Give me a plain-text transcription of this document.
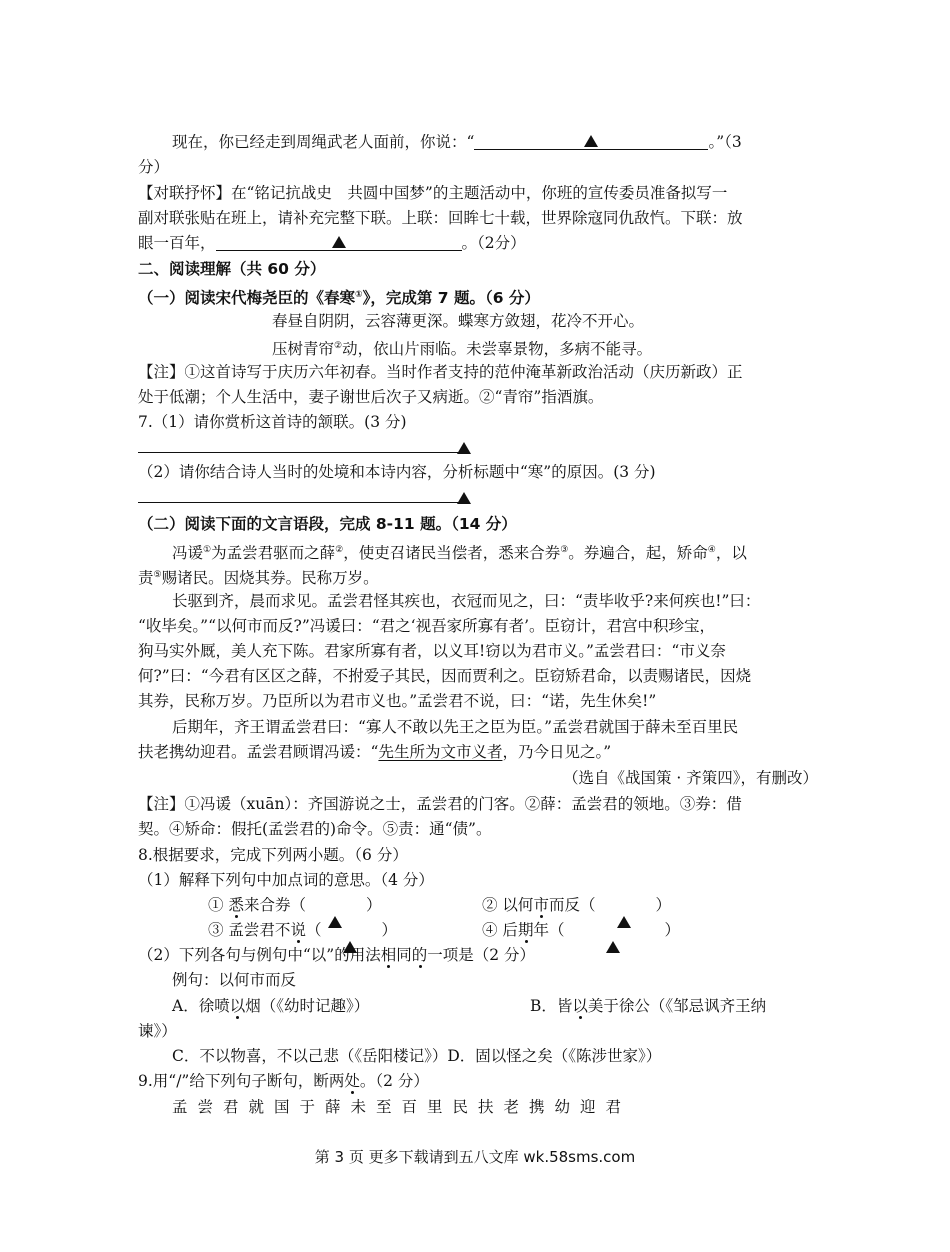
现在，你已经走到周绳武老人面前，你说：“	。”（3
分）
【对联抒怀】在“铭记抗战史　共圆中国梦”的主题活动中，你班的宣传委员准备拟写一
副对联张贴在班上，请补充完整下联。上联：回眸七十载，世界除寇同仇敌忾。下联：放
眼一百年，	。（2分）
二、阅读理解（共 60 分）
（一）阅读宋代梅尧臣的《春寒①》，完成第 7 题。（6 分）
春昼自阴阴，云容薄更深。蝶寒方敛翅，花冷不开心。
压树青帘②动，依山片雨临。未尝辜景物，多病不能寻。
【注】①这首诗写于庆历六年初春。当时作者支持的范仲淹革新政治活动（庆历新政）正
处于低潮；个人生活中，妻子谢世后次子又病逝。②“青帘”指酒旗。
7.（1）请你赏析这首诗的颔联。(3 分)
（2）请你结合诗人当时的处境和本诗内容，分析标题中“寒”的原因。(3 分)
（二）阅读下面的文言语段，完成 8-11 题。（14 分）
冯谖①为孟尝君驱而之薛②，使吏召诸民当偿者，悉来合券③。券遍合，起，矫命④，以
责⑤赐诸民。因烧其券。民称万岁。
长驱到齐，晨而求见。孟尝君怪其疾也，衣冠而见之，曰：“责毕收乎?来何疾也!”曰：
“收毕矣。”“以何市而反?”冯谖曰：“君之‘视吾家所寡有者’。臣窃计，君宫中积珍宝，
狗马实外厩，美人充下陈。君家所寡有者，以义耳!窃以为君市义。”孟尝君曰：“市义奈
何?”曰：“今君有区区之薛，不拊爱子其民，因而贾利之。臣窃矫君命，以责赐诸民，因烧
其券，民称万岁。乃臣所以为君市义也。”孟尝君不说，曰：“诺，先生休矣!”
后期年，齐王谓孟尝君曰：“寡人不敢以先王之臣为臣。”孟尝君就国于薛未至百里民
扶老携幼迎君。孟尝君顾谓冯谖：“先生所为文市义者，乃今日见之。”
（选自《战国策 · 齐策四》，有删改）
【注】①冯谖（xuān）：齐国游说之士，孟尝君的门客。②薛：孟尝君的领地。③券：借
契。④矫命：假托(孟尝君的)命令。⑤责：通“债”。
8.根据要求，完成下列两小题。（6 分）
（1）解释下列句中加点词的意思。（4 分）
① 悉来合券（	）	② 以何市而反（	）
③ 孟尝君不说（	）	④ 后期年（	）
（2）下列各句与例句中“以”的用法相同的一项是（2 分）
例句：以何市而反
A．徐喷以烟（《幼时记趣》）	B．皆以美于徐公（《邹忌讽齐王纳
谏》）
C．不以物喜，不以己悲（《岳阳楼记》）D．固以怪之矣（《陈涉世家》）
9.用“/”给下列句子断句，断两处。（2 分）
孟尝君就国于薛未至百里民扶老携幼迎君
第 3 页 更多下载请到五八文库 wk.58sms.com
